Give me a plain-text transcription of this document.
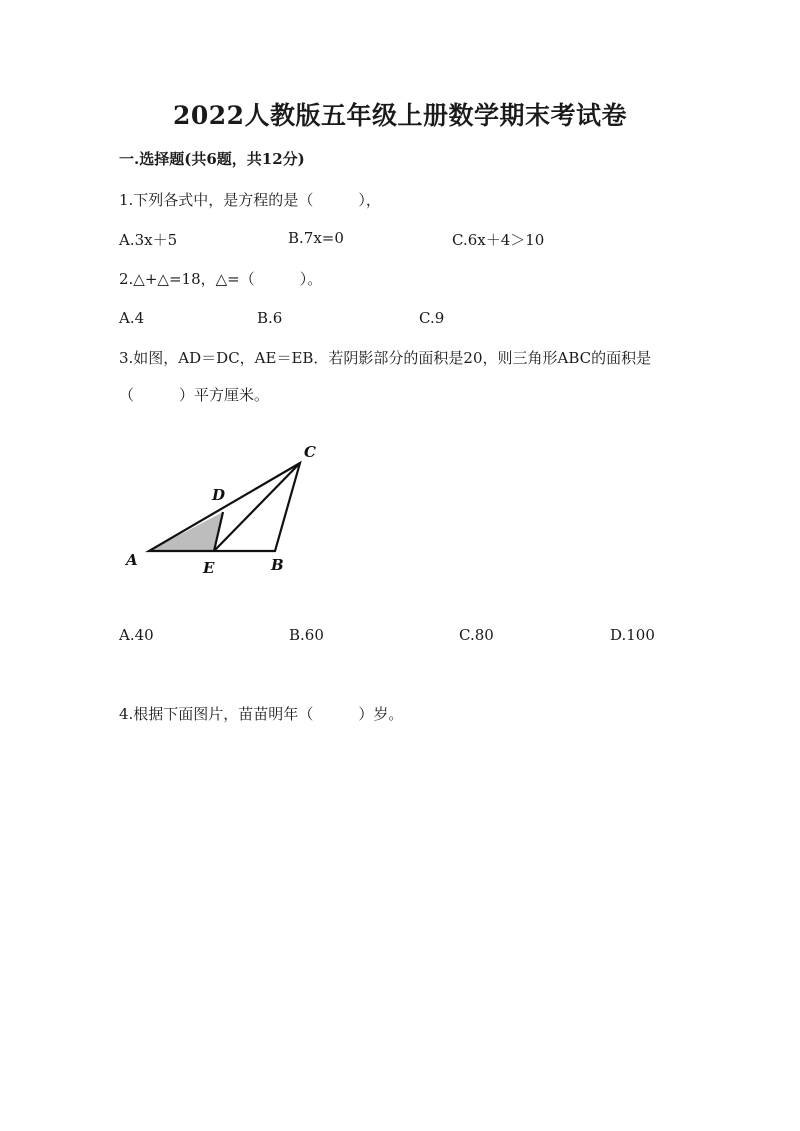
2022人教版五年级上册数学期末考试卷
一.选择题(共6题，共12分)
1.下列各式中，是方程的是（　　　），
A.3x＋5	B.7x=0	C.6x＋4＞10
2.△+△=18，△=（　　　）。
A.4	B.6	C.9
3.如图，AD＝DC，AE＝EB．若阴影部分的面积是20，则三角形ABC的面积是
（　　　）平方厘米。
C
D
A	E	B
A.40	B.60	C.80	D.100
4.根据下面图片，苗苗明年（　　　）岁。
